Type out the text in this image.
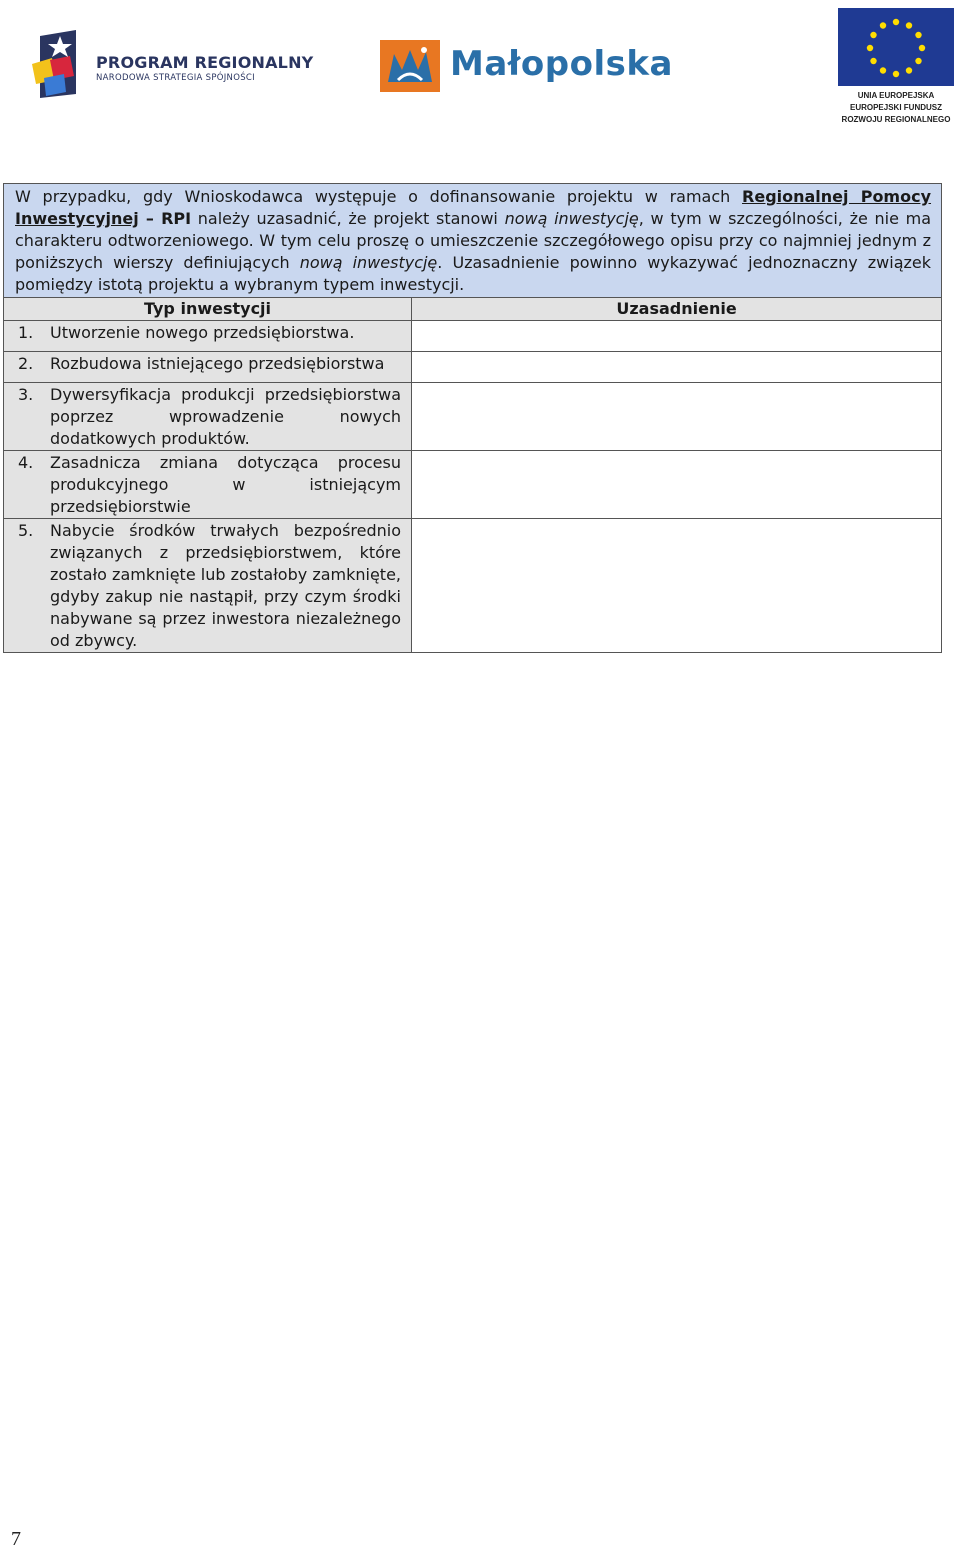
PROGRAM REGIONALNY
NARODOWA STRATEGIA SPÓJNOŚCI	Małopolska
UNIA EUROPEJSKA
EUROPEJSKI FUNDUSZ
ROZWOJU REGIONALNEGO
W przypadku, gdy Wnioskodawca występuje o dofinansowanie projektu w ramach Regionalnej Pomocy Inwestycyjnej – RPI należy uzasadnić, że projekt stanowi nową inwestycję, w tym w szczególności, że nie ma charakteru odtworzeniowego. W tym celu proszę o umieszczenie szczegółowego opisu przy co najmniej jednym z poniższych wierszy definiujących nową inwestycję. Uzasadnienie powinno wykazywać jednoznaczny związek pomiędzy istotą projektu a wybranym typem inwestycji.	
Typ inwestycji	Uzasadnienie

1. Utworzenie nowego przedsiębiorstwa.	

2. Rozbudowa istniejącego przedsiębiorstwa	

3. Dywersyfikacja produkcji przedsiębiorstwa poprzez wprowadzenie nowych dodatkowych produktów.	

4. Zasadnicza zmiana dotycząca procesu produkcyjnego w istniejącym przedsiębiorstwie	

5. Nabycie środków trwałych bezpośrednio związanych z przedsiębiorstwem, które zostało zamknięte lub zostałoby zamknięte, gdyby zakup nie nastąpił, przy czym środki nabywane są przez inwestora niezależnego od zbywcy.	

7
